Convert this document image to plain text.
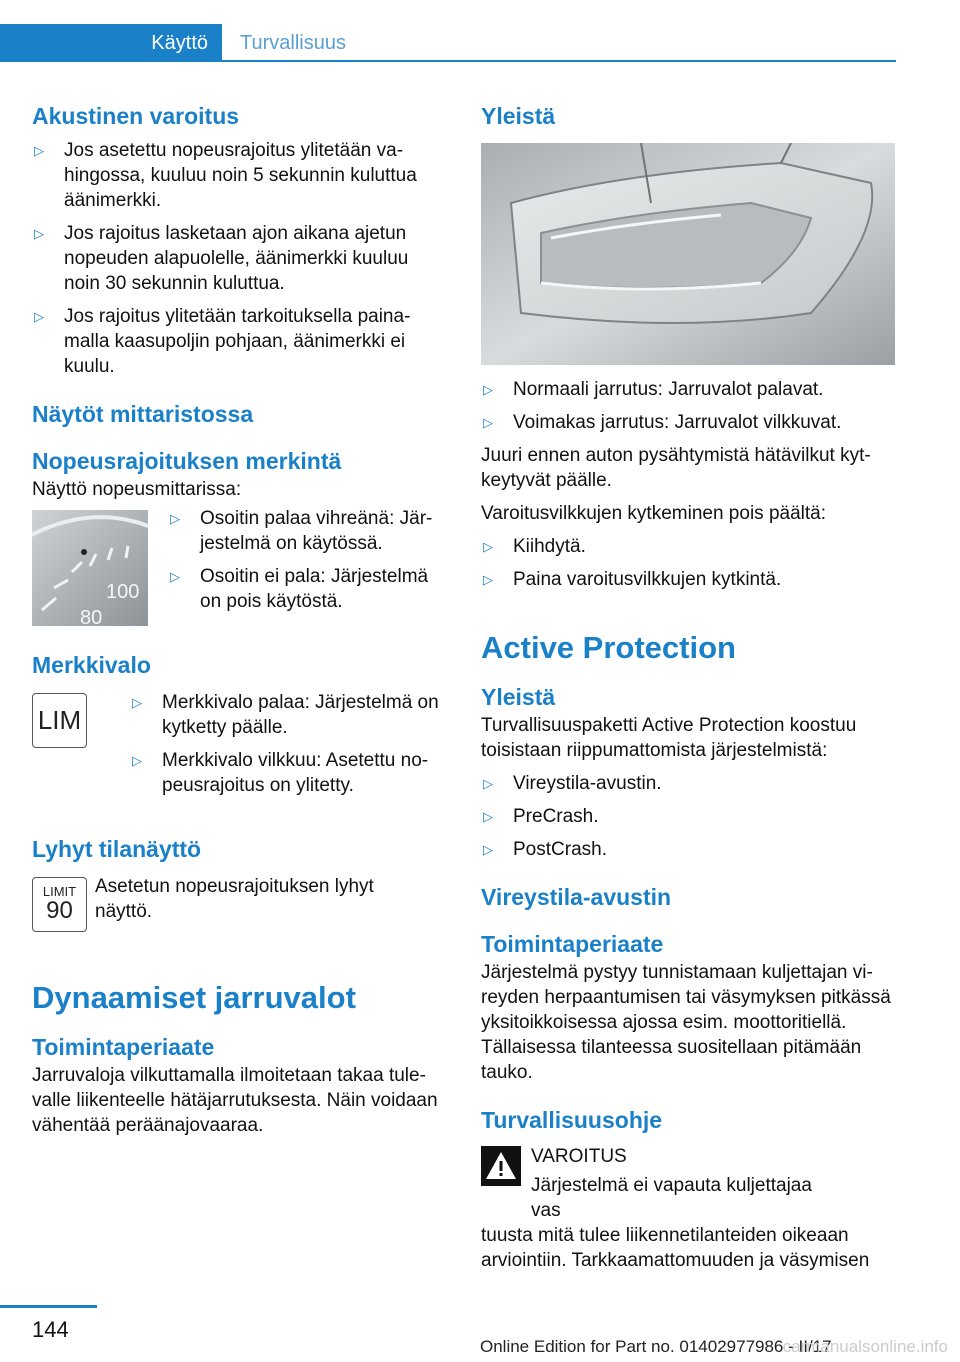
Käyttö Turvallisuus
Akustinen varoitus
▷ Jos asetettu nopeusrajoitus ylitetään vahingossa, kuuluu noin 5 sekunnin kuluttua äänimerkki.
▷ Jos rajoitus lasketaan ajon aikana ajetun nopeuden alapuolelle, äänimerkki kuuluu noin 30 sekunnin kuluttua.
▷ Jos rajoitus ylitetään tarkoituksella painamalla kaasupoljin pohjaan, äänimerkki ei kuulu.
Näytöt mittaristossa
Nopeusrajoituksen merkintä

Näyttö nopeusmittarissa:

100
80
▷ Osoitin palaa vihreänä: Järjestelmä on käytössä.
▷ Osoitin ei pala: Järjestelmä on pois käytöstä.
Merkkivalo
LIM
▷ Merkkivalo palaa: Järjestelmä on kytketty päälle.
▷ Merkkivalo vilkkuu: Asetettu nopeusrajoitus on ylitetty.
Lyhyt tilanäyttö
LIMIT
90

Asetetun nopeusrajoituksen lyhyt näyttö.

Dynaamiset jarruvalot
Toimintaperiaate

Jarruvaloja vilkuttamalla ilmoitetaan takaa tulevalle liikenteelle hätäjarrutuksesta. Näin voidaan vähentää peräänajovaaraa.

Yleistä
▷ Normaali jarrutus: Jarruvalot palavat.
▷ Voimakas jarrutus: Jarruvalot vilkkuvat.

Juuri ennen auton pysähtymistä hätävilkut kytkeytyvät päälle.

Varoitusvilkkujen kytkeminen pois päältä:

▷ Kiihdytä.
▷ Paina varoitusvilkkujen kytkintä.
Active Protection
Yleistä

Turvallisuuspaketti Active Protection koostuu toisistaan riippumattomista järjestelmistä:

▷ Vireystila-avustin.
▷ PreCrash.
▷ PostCrash.
Vireystila-avustin
Toimintaperiaate

Järjestelmä pystyy tunnistamaan kuljettajan vireyden herpaantumisen tai väsymyksen pitkässä yksitoikkoisessa ajossa esim. moottoritiellä. Tällaisessa tilanteessa suositellaan pitämään tauko.

Turvallisuusohje

VAROITUS

Järjestelmä ei vapauta kuljettajaa vas

tuusta mitä tulee liikennetilanteiden oikeaan arviointiin. Tarkkaamattomuuden ja väsymisen

144
Online Edition for Part no. 01402977986 - II/17
carmanualsonline.info
